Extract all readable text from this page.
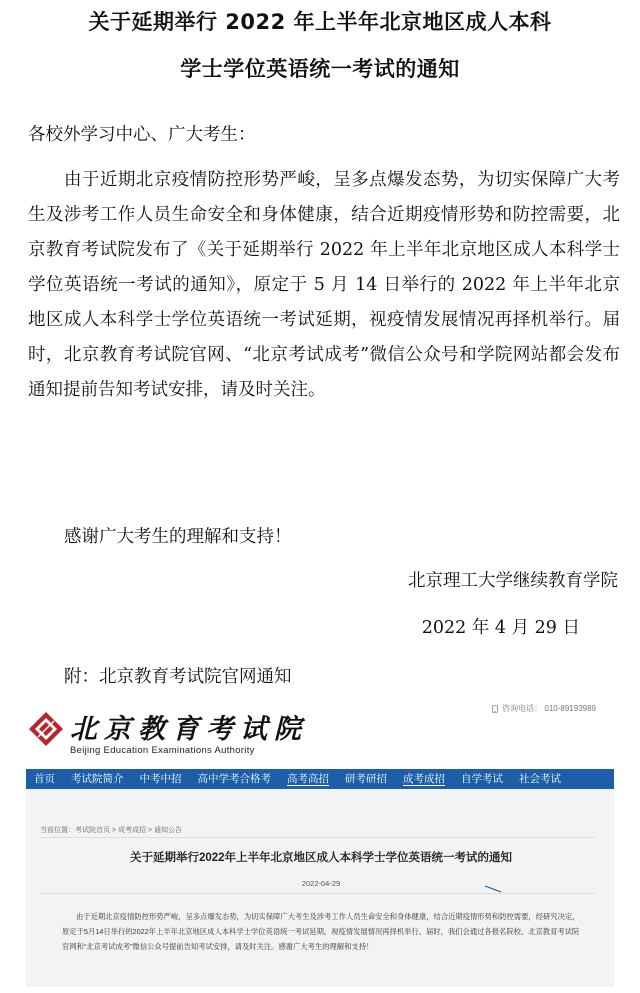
关于延期举行 2022 年上半年北京地区成人本科
学士学位英语统一考试的通知
各校外学习中心、广大考生：
由于近期北京疫情防控形势严峻，呈多点爆发态势，为切实保障广大考生及涉考工作人员生命安全和身体健康，结合近期疫情形势和防控需要，北京教育考试院发布了《关于延期举行 2022 年上半年北京地区成人本科学士学位英语统一考试的通知》，原定于 5 月 14 日举行的 2022 年上半年北京地区成人本科学士学位英语统一考试延期，视疫情发展情况再择机举行。届时，北京教育考试院官网、“北京考试成考”微信公众号和学院网站都会发布通知提前告知考试安排，请及时关注。
感谢广大考生的理解和支持！
北京理工大学继续教育学院
2022 年 4 月 29 日
附：北京教育考试院官网通知
咨询电话： 010-89193989
北京教育考试院
Beijing Education Examinations Authority
首页	考试院简介	中考中招	高中学考合格考	高考高招	研考研招	成考成招	自学考试	社会考试
当前位置：考试院首页 > 成考成招 > 通知公告
关于延期举行2022年上半年北京地区成人本科学士学位英语统一考试的通知
2022-04-29
由于近期北京疫情防控形势严峻，呈多点爆发态势，为切实保障广大考生及涉考工作人员生命安全和身体健康，结合近期疫情形势和防控需要，经研究决定，原定于5月14日举行的2022年上半年北京地区成人本科学士学位英语统一考试延期，视疫情发展情况再择机举行。届时，我们会通过各报名院校、北京教育考试院官网和“北京考试成考”微信公众号提前告知考试安排，请及时关注。感谢广大考生的理解和支持！
